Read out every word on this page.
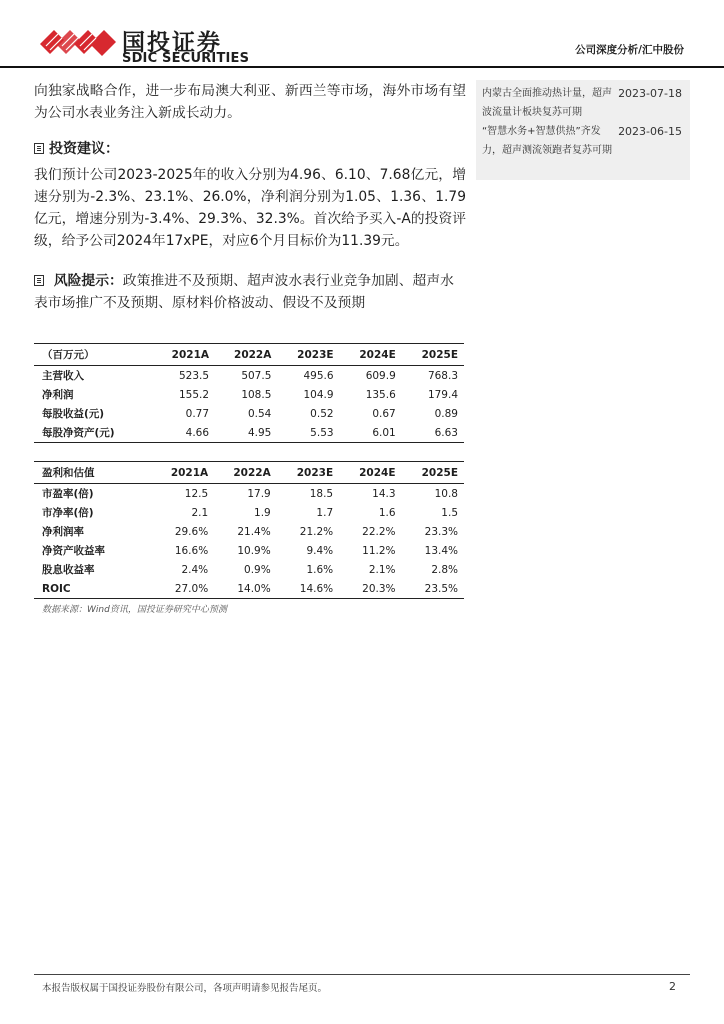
国投证券
SDIC SECURITIES
公司深度分析/汇中股份

向独家战略合作，进一步布局澳大利亚、新西兰等市场，海外市场有望为公司水表业务注入新成长动力。

投资建议：

我们预计公司2023-2025年的收入分别为4.96、6.10、7.68亿元，增速分别为-2.3%、23.1%、26.0%，净利润分别为1.05、1.36、1.79亿元，增速分别为-3.4%、29.3%、32.3%。首次给予买入-A的投资评级，给予公司2024年17xPE，对应6个月目标价为11.39元。

风险提示：政策推进不及预期、超声波水表行业竞争加剧、超声水表市场推广不及预期、原材料价格波动、假设不及预期

内蒙古全面推动热计量，超声波流量计板块复苏可期
2023-07-18
“智慧水务+智慧供热”齐发力，超声测流领跑者复苏可期
2023-06-15
（百万元）	2021A	2022A	2023E	2024E	2025E
主营收入	523.5	507.5	495.6	609.9	768.3
净利润	155.2	108.5	104.9	135.6	179.4
每股收益(元)	0.77	0.54	0.52	0.67	0.89
每股净资产(元)	4.66	4.95	5.53	6.01	6.63
盈利和估值	2021A	2022A	2023E	2024E	2025E
市盈率(倍)	12.5	17.9	18.5	14.3	10.8
市净率(倍)	2.1	1.9	1.7	1.6	1.5
净利润率	29.6%	21.4%	21.2%	22.2%	23.3%
净资产收益率	16.6%	10.9%	9.4%	11.2%	13.4%
股息收益率	2.4%	0.9%	1.6%	2.1%	2.8%
ROIC	27.0%	14.0%	14.6%	20.3%	23.5%
数据来源：Wind资讯，国投证券研究中心预测
本报告版权属于国投证券股份有限公司，各项声明请参见报告尾页。	2
